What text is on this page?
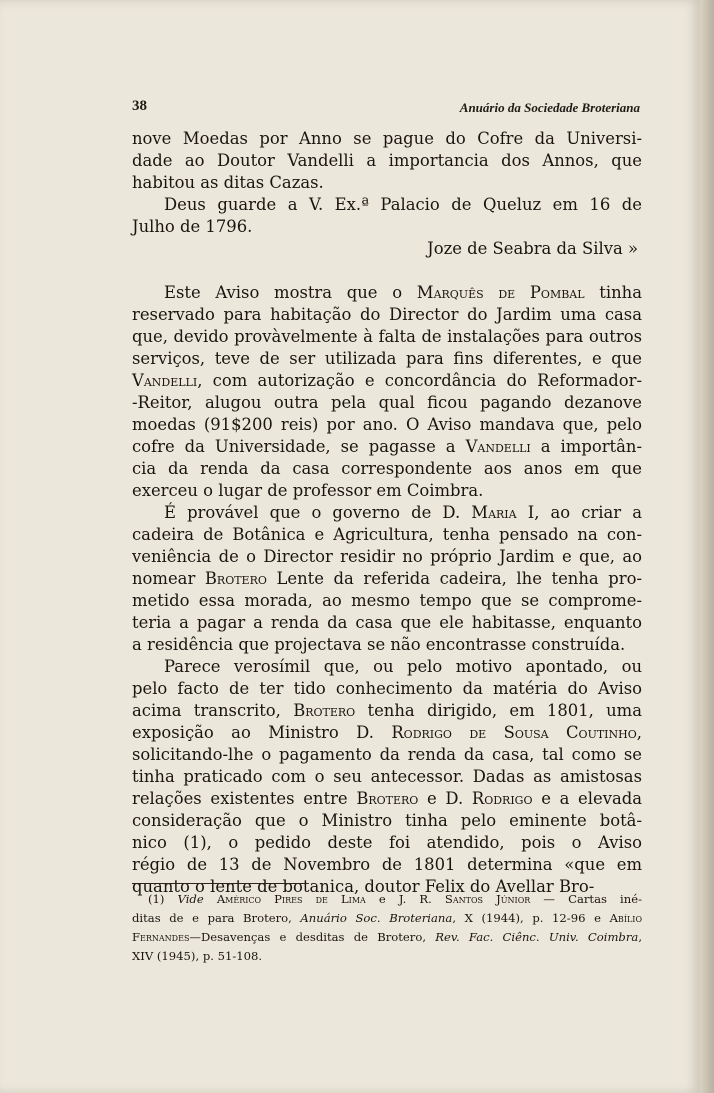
38	Anuário da Sociedade Broteriana
nove Moedas por Anno se pague do Cofre da Universi-
dade ao Doutor Vandelli a importancia dos Annos, que
habitou as ditas Cazas.
Deus guarde a V. Ex.ª Palacio de Queluz em 16 de
Julho de 1796.
Joze de Seabra da Silva »
Este Aviso mostra que o Marquês de Pombal tinha
reservado para habitação do Director do Jardim uma casa
que, devido provàvelmente à falta de instalações para outros
serviços, teve de ser utilizada para fins diferentes, e que
Vandelli, com autorização e concordância do Reformador-
-Reitor, alugou outra pela qual ficou pagando dezanove
moedas (91$200 reis) por ano. O Aviso mandava que, pelo
cofre da Universidade, se pagasse a Vandelli a importân-
cia da renda da casa correspondente aos anos em que
exerceu o lugar de professor em Coimbra.
É provável que o governo de D. Maria I, ao criar a
cadeira de Botânica e Agricultura, tenha pensado na con-
veniência de o Director residir no próprio Jardim e que, ao
nomear Brotero Lente da referida cadeira, lhe tenha pro-
metido essa morada, ao mesmo tempo que se comprome-
teria a pagar a renda da casa que ele habitasse, enquanto
a residência que projectava se não encontrasse construída.
Parece verosímil que, ou pelo motivo apontado, ou
pelo facto de ter tido conhecimento da matéria do Aviso
acima transcrito, Brotero tenha dirigido, em 1801, uma
exposição ao Ministro D. Rodrigo de Sousa Coutinho,
solicitando-lhe o pagamento da renda da casa, tal como se
tinha praticado com o seu antecessor. Dadas as amistosas
relações existentes entre Brotero e D. Rodrigo e a elevada
consideração que o Ministro tinha pelo eminente botâ-
nico (1), o pedido deste foi atendido, pois o Aviso
régio de 13 de Novembro de 1801 determina «que em
quanto o lente de botanica, doutor Felix do Avellar Bro-
(1) Vide Américo Pires de Lima e J. R. Santos Júnior — Cartas iné-
ditas de e para Brotero, Anuário Soc. Broteriana, X (1944), p. 12-96 e Abílio
Fernandes—Desavenças e desditas de Brotero, Rev. Fac. Ciênc. Univ. Coimbra,
XIV (1945), p. 51-108.
